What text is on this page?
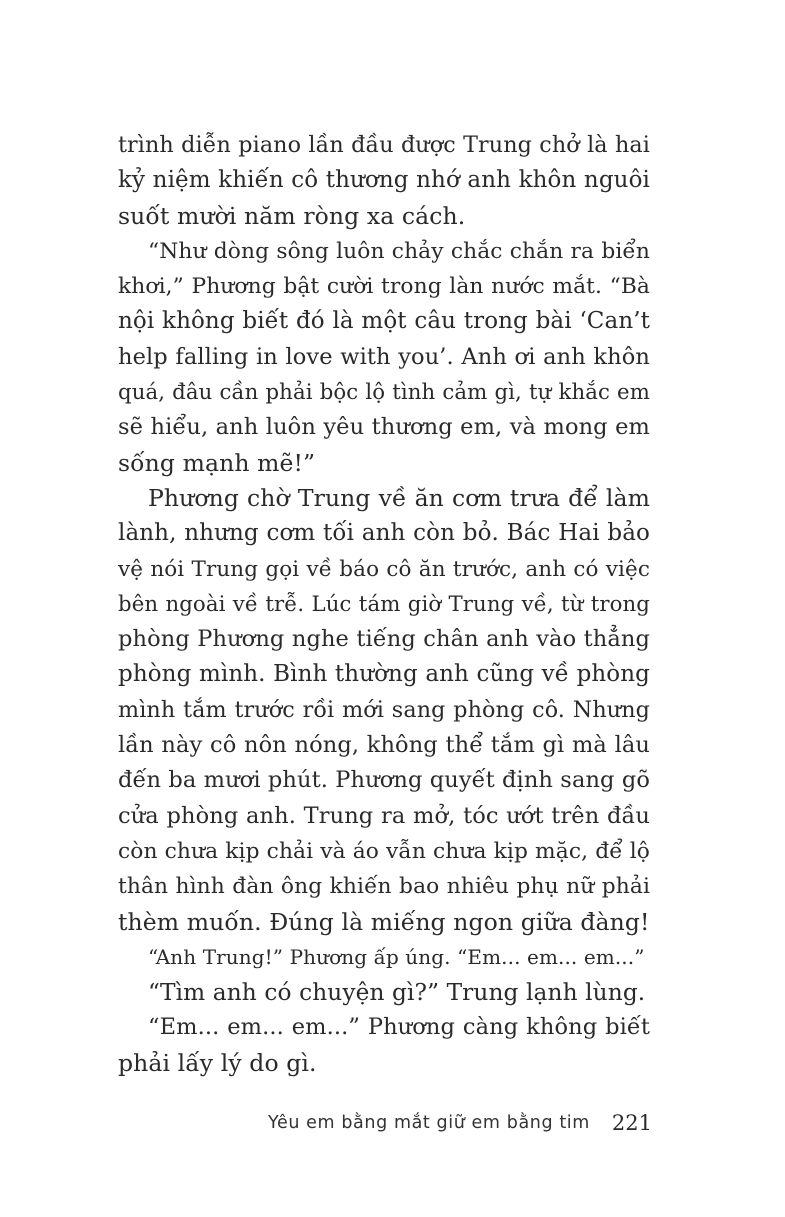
trình diễn piano lần đầu được Trung chở là hai
kỷ niệm khiến cô thương nhớ anh khôn nguôi
suốt mười năm ròng xa cách.
“Như dòng sông luôn chảy chắc chắn ra biển
khơi,” Phương bật cười trong làn nước mắt. “Bà
nội không biết đó là một câu trong bài ‘Can’t
help falling in love with you’. Anh ơi anh khôn
quá, đâu cần phải bộc lộ tình cảm gì, tự khắc em
sẽ hiểu, anh luôn yêu thương em, và mong em
sống mạnh mẽ!”
Phương chờ Trung về ăn cơm trưa để làm
lành, nhưng cơm tối anh còn bỏ. Bác Hai bảo
vệ nói Trung gọi về báo cô ăn trước, anh có việc
bên ngoài về trễ. Lúc tám giờ Trung về, từ trong
phòng Phương nghe tiếng chân anh vào thẳng
phòng mình. Bình thường anh cũng về phòng
mình tắm trước rồi mới sang phòng cô. Nhưng
lần này cô nôn nóng, không thể tắm gì mà lâu
đến ba mươi phút. Phương quyết định sang gõ
cửa phòng anh. Trung ra mở, tóc ướt trên đầu
còn chưa kịp chải và áo vẫn chưa kịp mặc, để lộ
thân hình đàn ông khiến bao nhiêu phụ nữ phải
thèm muốn. Đúng là miếng ngon giữa đàng!
“Anh Trung!” Phương ấp úng. “Em... em... em...”
“Tìm anh có chuyện gì?” Trung lạnh lùng.
“Em... em... em...” Phương càng không biết
phải lấy lý do gì.
Yêu em bằng mắt giữ em bằng tim 221
